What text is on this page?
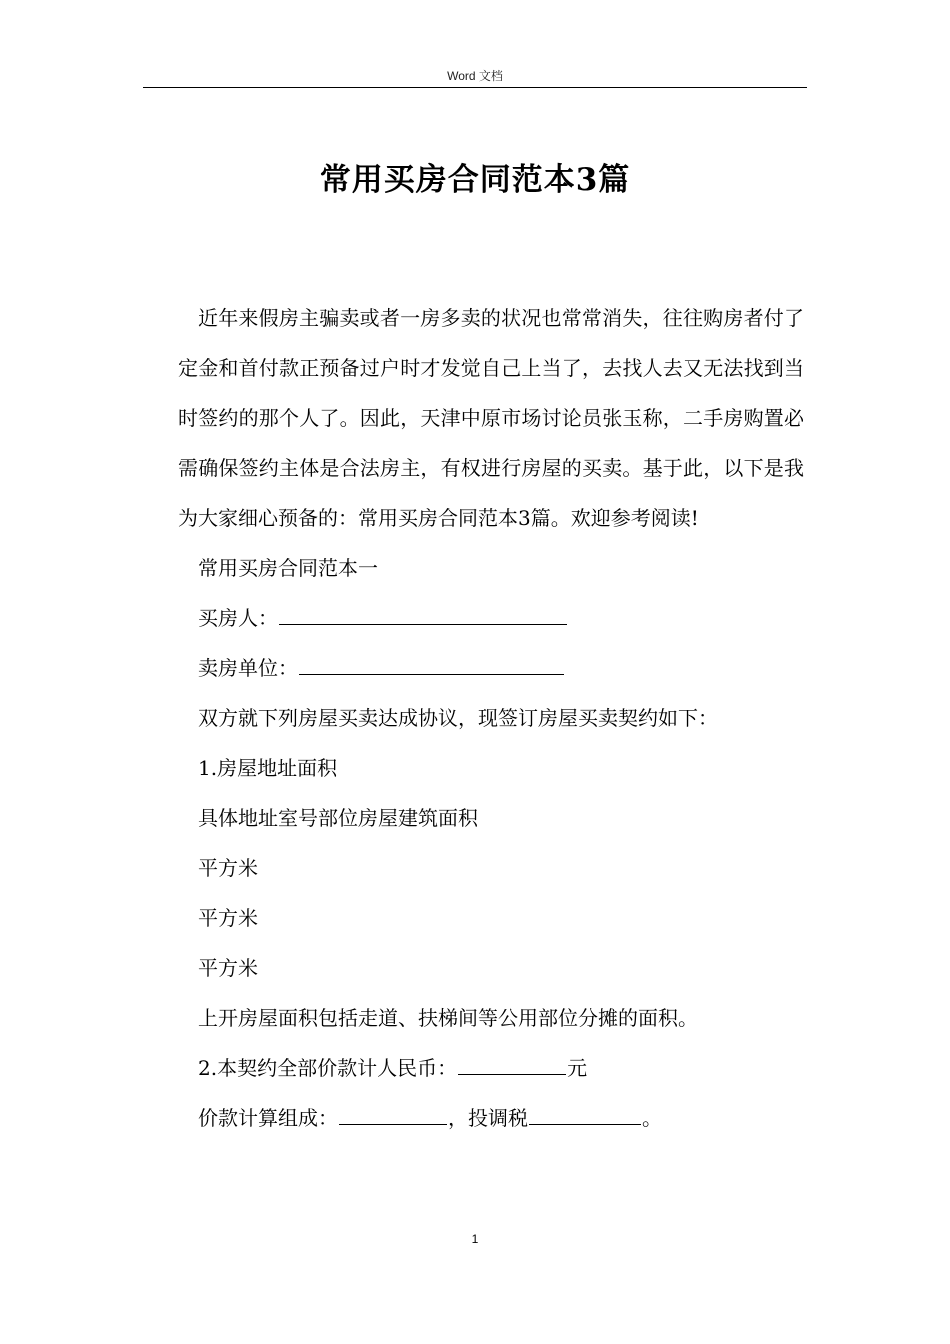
Word 文档
常用买房合同范本3篇

近年来假房主骗卖或者一房多卖的状况也常常消失，往往购房者付了定金和首付款正预备过户时才发觉自己上当了，去找人去又无法找到当时签约的那个人了。因此，天津中原市场讨论员张玉称，二手房购置必需确保签约主体是合法房主，有权进行房屋的买卖。基于此，以下是我为大家细心预备的：常用买房合同范本3篇。欢迎参考阅读!

常用买房合同范本一

买房人：

卖房单位：

双方就下列房屋买卖达成协议，现签订房屋买卖契约如下：

1.房屋地址面积

具体地址室号部位房屋建筑面积

平方米

平方米

平方米

上开房屋面积包括走道、扶梯间等公用部位分摊的面积。

2.本契约全部价款计人民币：	元

价款计算组成：	，投调税	。

1
